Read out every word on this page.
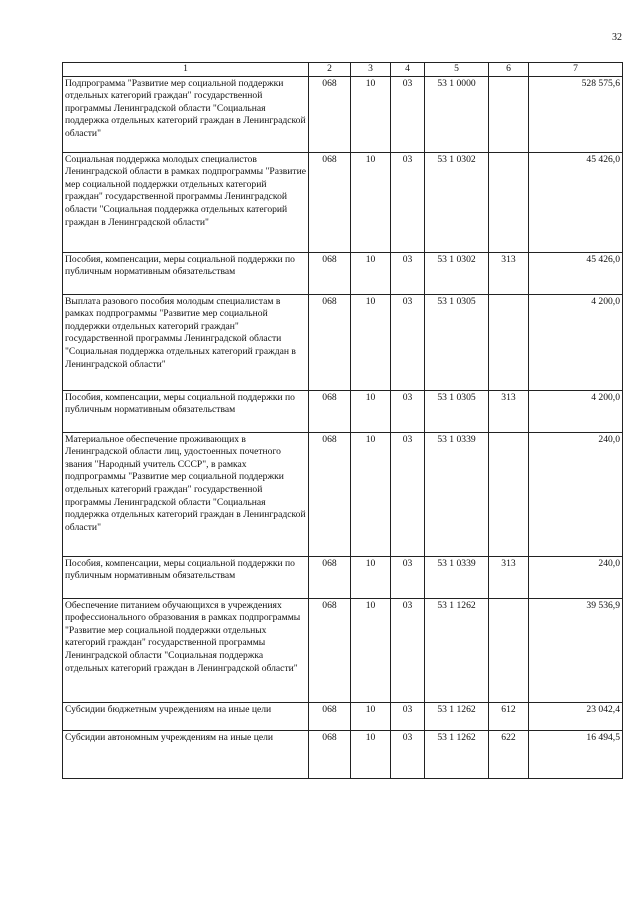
32
1	2	3	4	5	6	7
Подпрограмма "Развитие мер социальной поддержки отдельных категорий граждан" государственной программы Ленинградской области "Социальная поддержка отдельных категорий граждан в Ленинградской области"	068	10	03	53 1 0000		528 575,6
Социальная поддержка молодых специалистов Ленинградской области в рамках подпрограммы "Развитие мер социальной поддержки отдельных категорий граждан" государственной программы Ленинградской области "Социальная поддержка отдельных категорий граждан в Ленинградской области"	068	10	03	53 1 0302		45 426,0
Пособия, компенсации, меры социальной поддержки по публичным нормативным обязательствам	068	10	03	53 1 0302	313	45 426,0
Выплата разового пособия молодым специалистам в рамках подпрограммы "Развитие мер социальной поддержки отдельных категорий граждан" государственной программы Ленинградской области "Социальная поддержка отдельных категорий граждан в Ленинградской области"	068	10	03	53 1 0305		4 200,0
Пособия, компенсации, меры социальной поддержки по публичным нормативным обязательствам	068	10	03	53 1 0305	313	4 200,0
Материальное обеспечение проживающих в Ленинградской области лиц, удостоенных почетного звания "Народный учитель СССР", в рамках подпрограммы "Развитие мер социальной поддержки отдельных категорий граждан" государственной программы Ленинградской области "Социальная поддержка отдельных категорий граждан в Ленинградской области"	068	10	03	53 1 0339		240,0
Пособия, компенсации, меры социальной поддержки по публичным нормативным обязательствам	068	10	03	53 1 0339	313	240,0
Обеспечение питанием обучающихся в учреждениях профессионального образования в рамках подпрограммы "Развитие мер социальной поддержки отдельных категорий граждан" государственной программы Ленинградской области "Социальная поддержка отдельных категорий граждан в Ленинградской области"	068	10	03	53 1 1262		39 536,9
Субсидии бюджетным учреждениям на иные цели	068	10	03	53 1 1262	612	23 042,4
Субсидии автономным учреждениям на иные цели	068	10	03	53 1 1262	622	16 494,5
